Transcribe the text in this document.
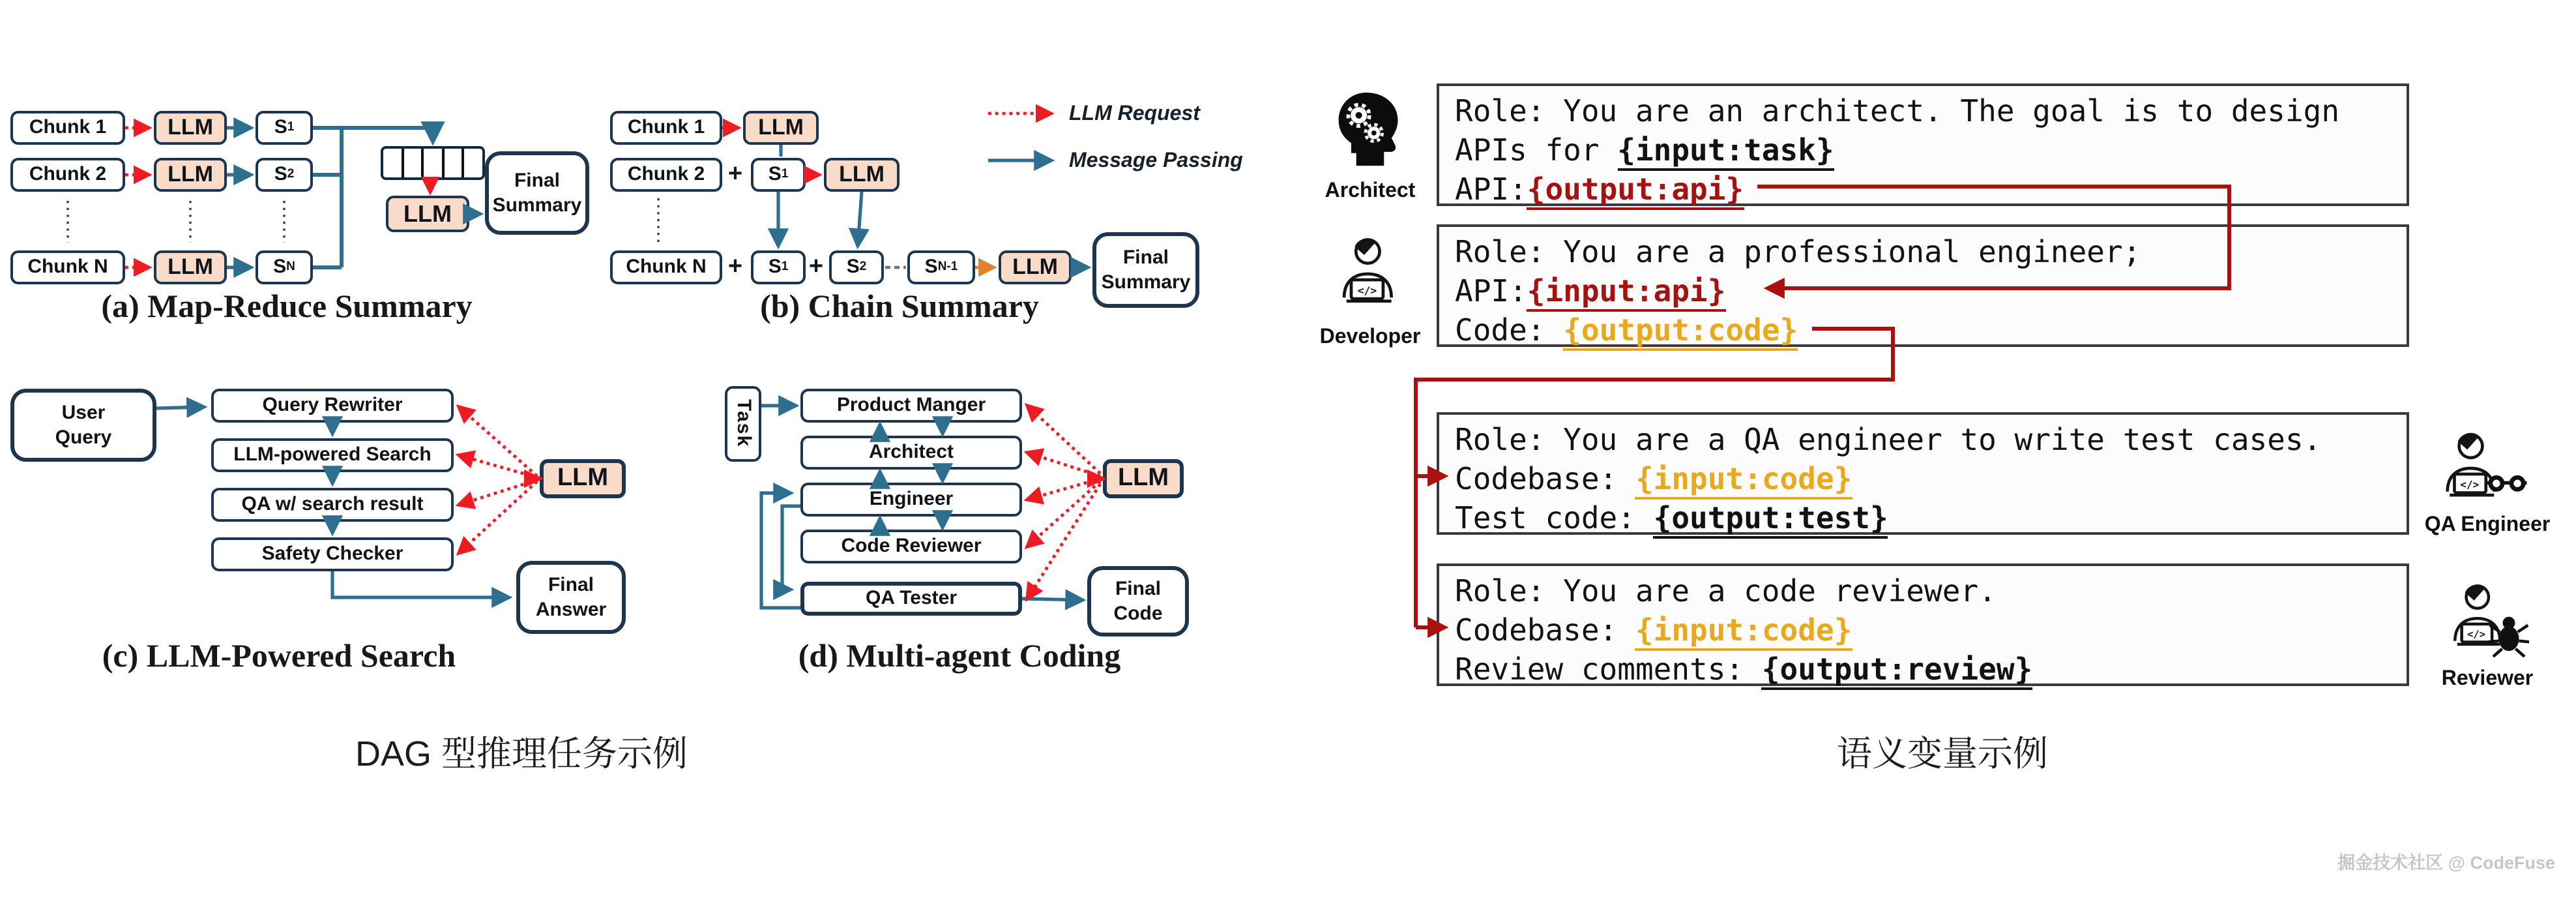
Chunk 1	LLM	S 1
Chunk 2	LLM	S 2
Chunk N	LLM	S N
LLM
Final
Summary
(a) Map-Reduce Summary
Chunk 1	LLM
Chunk 2	+	S 1	LLM
Chunk N	+	S 1	+	S 2	S N-1	LLM	Final
Summary
(b) Chain Summary
LLM Request
Message Passing
User
Query
Query Rewriter
LLM-powered Search
QA w/ search result
Safety Checker
LLM
Final
Answer
(c) LLM-Powered Search
Task	Product Manger
Architect
Engineer
Code Reviewer
QA Tester
LLM
Final
Code
(d) Multi-agent Coding
DAG 型推理任务示例	语义变量示例
Architect
</>
Developer
Role: You are an architect. The goal is to design
APIs for {input:task}
API:{output:api}
Role: You are a professional engineer;
API:{input:api}
Code: {output:code}
Role: You are a QA engineer to write test cases.
Codebase: {input:code}
Test code: {output:test}
Role: You are a code reviewer.
Codebase: {input:code}
Review comments: {output:review}
</>
QA Engineer
</>
Reviewer
掘金技术社区 @ CodeFuse
